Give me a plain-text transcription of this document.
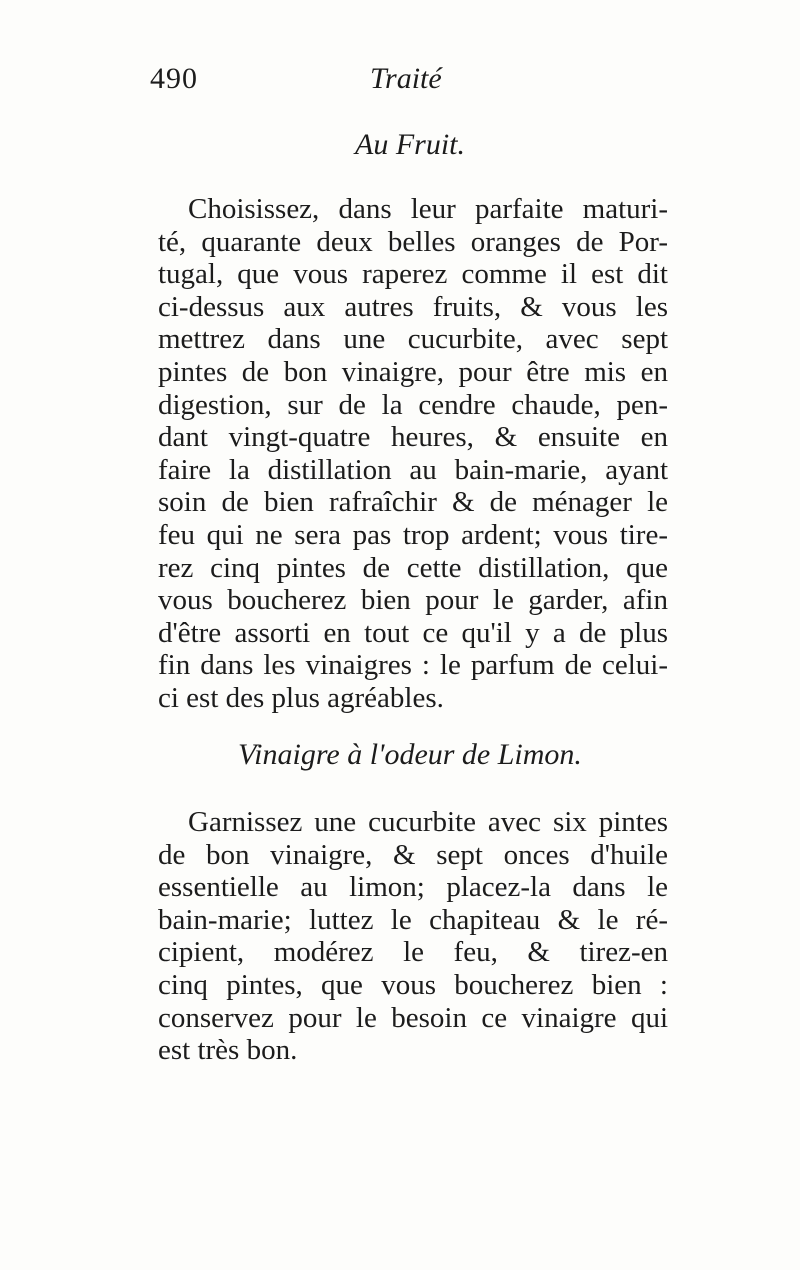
490	Traité
Au Fruit.

Choisissez, dans leur parfaite maturi-
té, quarante deux belles oranges de Por-
tugal, que vous raperez comme il est dit
ci-dessus aux autres fruits, & vous les
mettrez dans une cucurbite, avec sept
pintes de bon vinaigre, pour être mis en
digestion, sur de la cendre chaude, pen-
dant vingt-quatre heures, & ensuite en
faire la distillation au bain-marie, ayant
soin de bien rafraîchir & de ménager le
feu qui ne sera pas trop ardent; vous tire-
rez cinq pintes de cette distillation, que
vous boucherez bien pour le garder, afin
d'être assorti en tout ce qu'il y a de plus
fin dans les vinaigres : le parfum de celui-
ci est des plus agréables.

Vinaigre à l'odeur de Limon.

Garnissez une cucurbite avec six pintes
de bon vinaigre, & sept onces d'huile
essentielle au limon; placez-la dans le
bain-marie; luttez le chapiteau & le ré-
cipient, modérez le feu, & tirez-en
cinq pintes, que vous boucherez bien :
conservez pour le besoin ce vinaigre qui
est très bon.
